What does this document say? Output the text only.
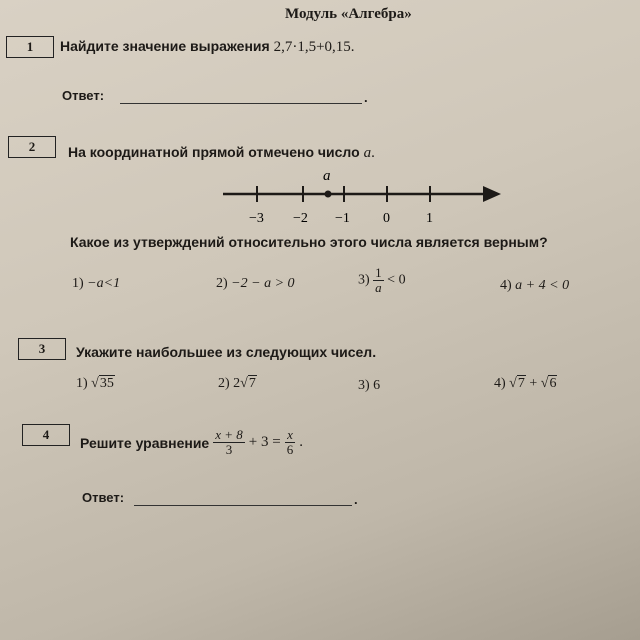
Модуль «Алгебра»
1	Найдите значение выражения 2,7·1,5+0,15.
Ответ:	.
2	На координатной прямой отмечено число a.
a
−3 −2 −1 0	1
Какое из утверждений относительно этого числа является верным?
1) −a<1	2) −2 − a > 0	$3) \frac{1}{a} < 0$	4) a + 4 < 0
3	Укажите наибольшее из следующих чисел.
1) √35	2) 2√7	3) 6	4) √7 + √6
4	Решите уравнение $\frac{x + 8}{3} + 3 = \frac{x}{6}$ .
Ответ:	.
